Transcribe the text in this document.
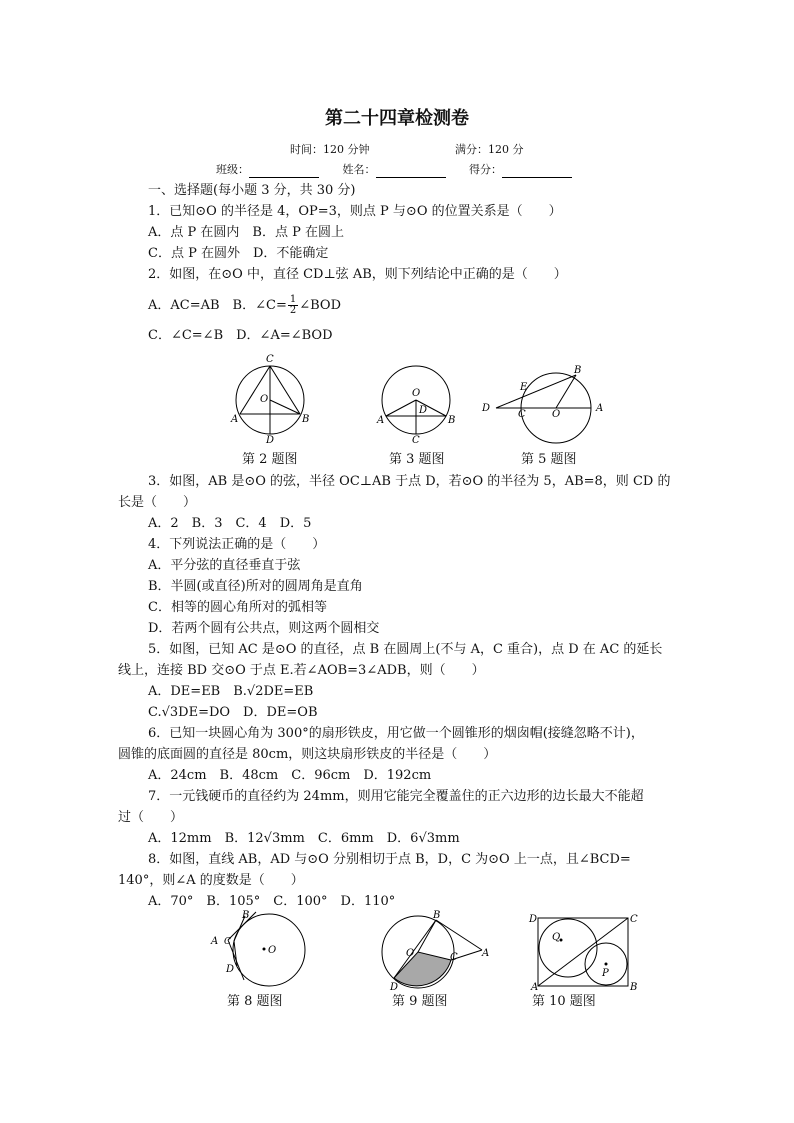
第二十四章检测卷
时间：120 分钟	满分：120 分
班级：	姓名：	得分：
一、选择题(每小题 3 分，共 30 分)
1．已知⊙O 的半径是 4，OP=3，则点 P 与⊙O 的位置关系是（　　）
A．点 P 在圆内　B．点 P 在圆上
C．点 P 在圆外　D．不能确定
2．如图，在⊙O 中，直径 CD⊥弦 AB，则下列结论中正确的是（　　）
A．AC=AB　B．∠C= $\frac{1}{2}$ ∠BOD
C．∠C=∠B　D．∠A=∠BOD
C
O
A	B
D
O
D
A	B
C
B
E
D
C	O
A
第 2 题图	第 3 题图	第 5 题图
3．如图，AB 是⊙O 的弦，半径 OC⊥AB 于点 D，若⊙O 的半径为 5，AB=8，则 CD 的
长是（　　）
A．2　B．3　C．4　D．5
4．下列说法正确的是（　　）
A．平分弦的直径垂直于弦
B．半圆(或直径)所对的圆周角是直角
C．相等的圆心角所对的弧相等
D．若两个圆有公共点，则这两个圆相交
5．如图，已知 AC 是⊙O 的直径，点 B 在圆周上(不与 A，C 重合)，点 D 在 AC 的延长
线上，连接 BD 交⊙O 于点 E.若∠AOB=3∠ADB，则（　　）
A．DE=EB　B.√2DE=EB
C.√3DE=DO　D．DE=OB
6．已知一块圆心角为 300°的扇形铁皮，用它做一个圆锥形的烟囱帽(接缝忽略不计)，
圆锥的底面圆的直径是 80cm，则这块扇形铁皮的半径是（　　）
A．24cm　B．48cm　C．96cm　D．192cm
7．一元钱硬币的直径约为 24mm，则用它能完全覆盖住的正六边形的边长最大不能超
过（　　）
A．12mm　B．12√3mm　C．6mm　D．6√3mm
8．如图，直线 AB，AD 与⊙O 分别相切于点 B，D，C 为⊙O 上一点，且∠BCD=
140°，则∠A 的度数是（　　）
A．70°　B．105°　C．100°　D．110°
B
A C
O
D
B
O	C A
D
D	C
Q
P
A	B
第 8 题图	第 9 题图	第 10 题图
